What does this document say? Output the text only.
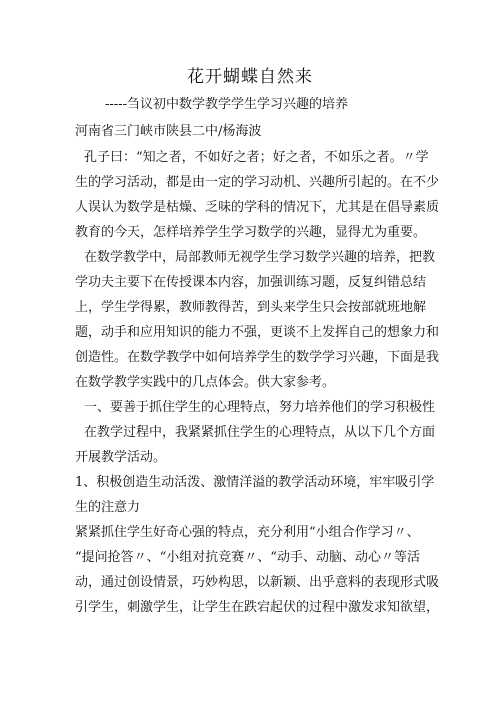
花开蝴蝶自然来
-----刍议初中数学教学学生学习兴趣的培养
河南省三门峡市陕县二中/杨海波
孔子曰：“知之者，不如好之者；好之者，不如乐之者。〃学
生的学习活动，都是由一定的学习动机、兴趣所引起的。在不少
人误认为数学是枯燥、乏味的学科的情况下，尤其是在倡导素质
教育的今天，怎样培养学生学习数学的兴趣，显得尤为重要。
在数学教学中，局部教师无视学生学习数学兴趣的培养，把教
学功夫主要下在传授课本内容，加强训练习题，反复纠错总结
上，学生学得累，教师教得苦，到头来学生只会按部就班地解
题，动手和应用知识的能力不强，更谈不上发挥自己的想象力和
创造性。在数学教学中如何培养学生的数学学习兴趣，下面是我
在数学教学实践中的几点体会。供大家参考。
一、要善于抓住学生的心理特点，努力培养他们的学习积极性
在教学过程中，我紧紧抓住学生的心理特点，从以下几个方面
开展教学活动。
1、积极创造生动活泼、激情洋溢的教学活动环境，牢牢吸引学
生的注意力
紧紧抓住学生好奇心强的特点，充分利用“小组合作学习〃、
“提问抢答〃、“小组对抗竞赛〃、“动手、动脑、动心〃等活
动，通过创设情景，巧妙构思，以新颖、出乎意料的表现形式吸
引学生，刺激学生，让学生在跌宕起伏的过程中激发求知欲望，
